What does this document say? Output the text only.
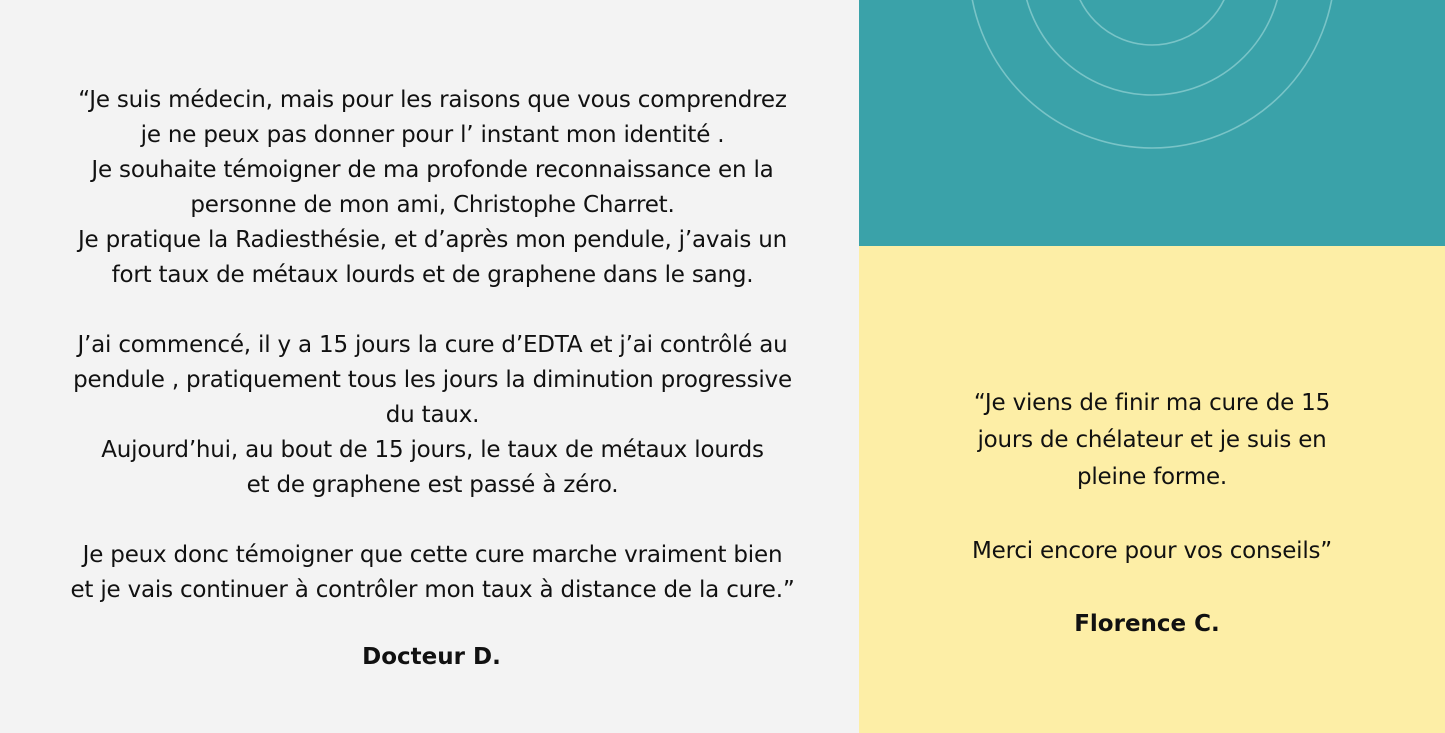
“Je suis médecin, mais pour les raisons que vous comprendrez
je ne peux pas donner pour l’ instant mon identité .
Je souhaite témoigner de ma profonde reconnaissance en la
personne de mon ami, Christophe Charret.
Je pratique la Radiesthésie, et d’après mon pendule, j’avais un
fort taux de métaux lourds et de graphene dans le sang.
J’ai commencé, il y a 15 jours la cure d’EDTA et j’ai contrôlé au
pendule , pratiquement tous les jours la diminution progressive
du taux.
Aujourd’hui, au bout de 15 jours, le taux de métaux lourds
et de graphene est passé à zéro.
Je peux donc témoigner que cette cure marche vraiment bien
et je vais continuer à contrôler mon taux à distance de la cure.”

Docteur D.

“Je viens de finir ma cure de 15
jours de chélateur et je suis en
pleine forme.
Merci encore pour vos conseils”

Florence C.
